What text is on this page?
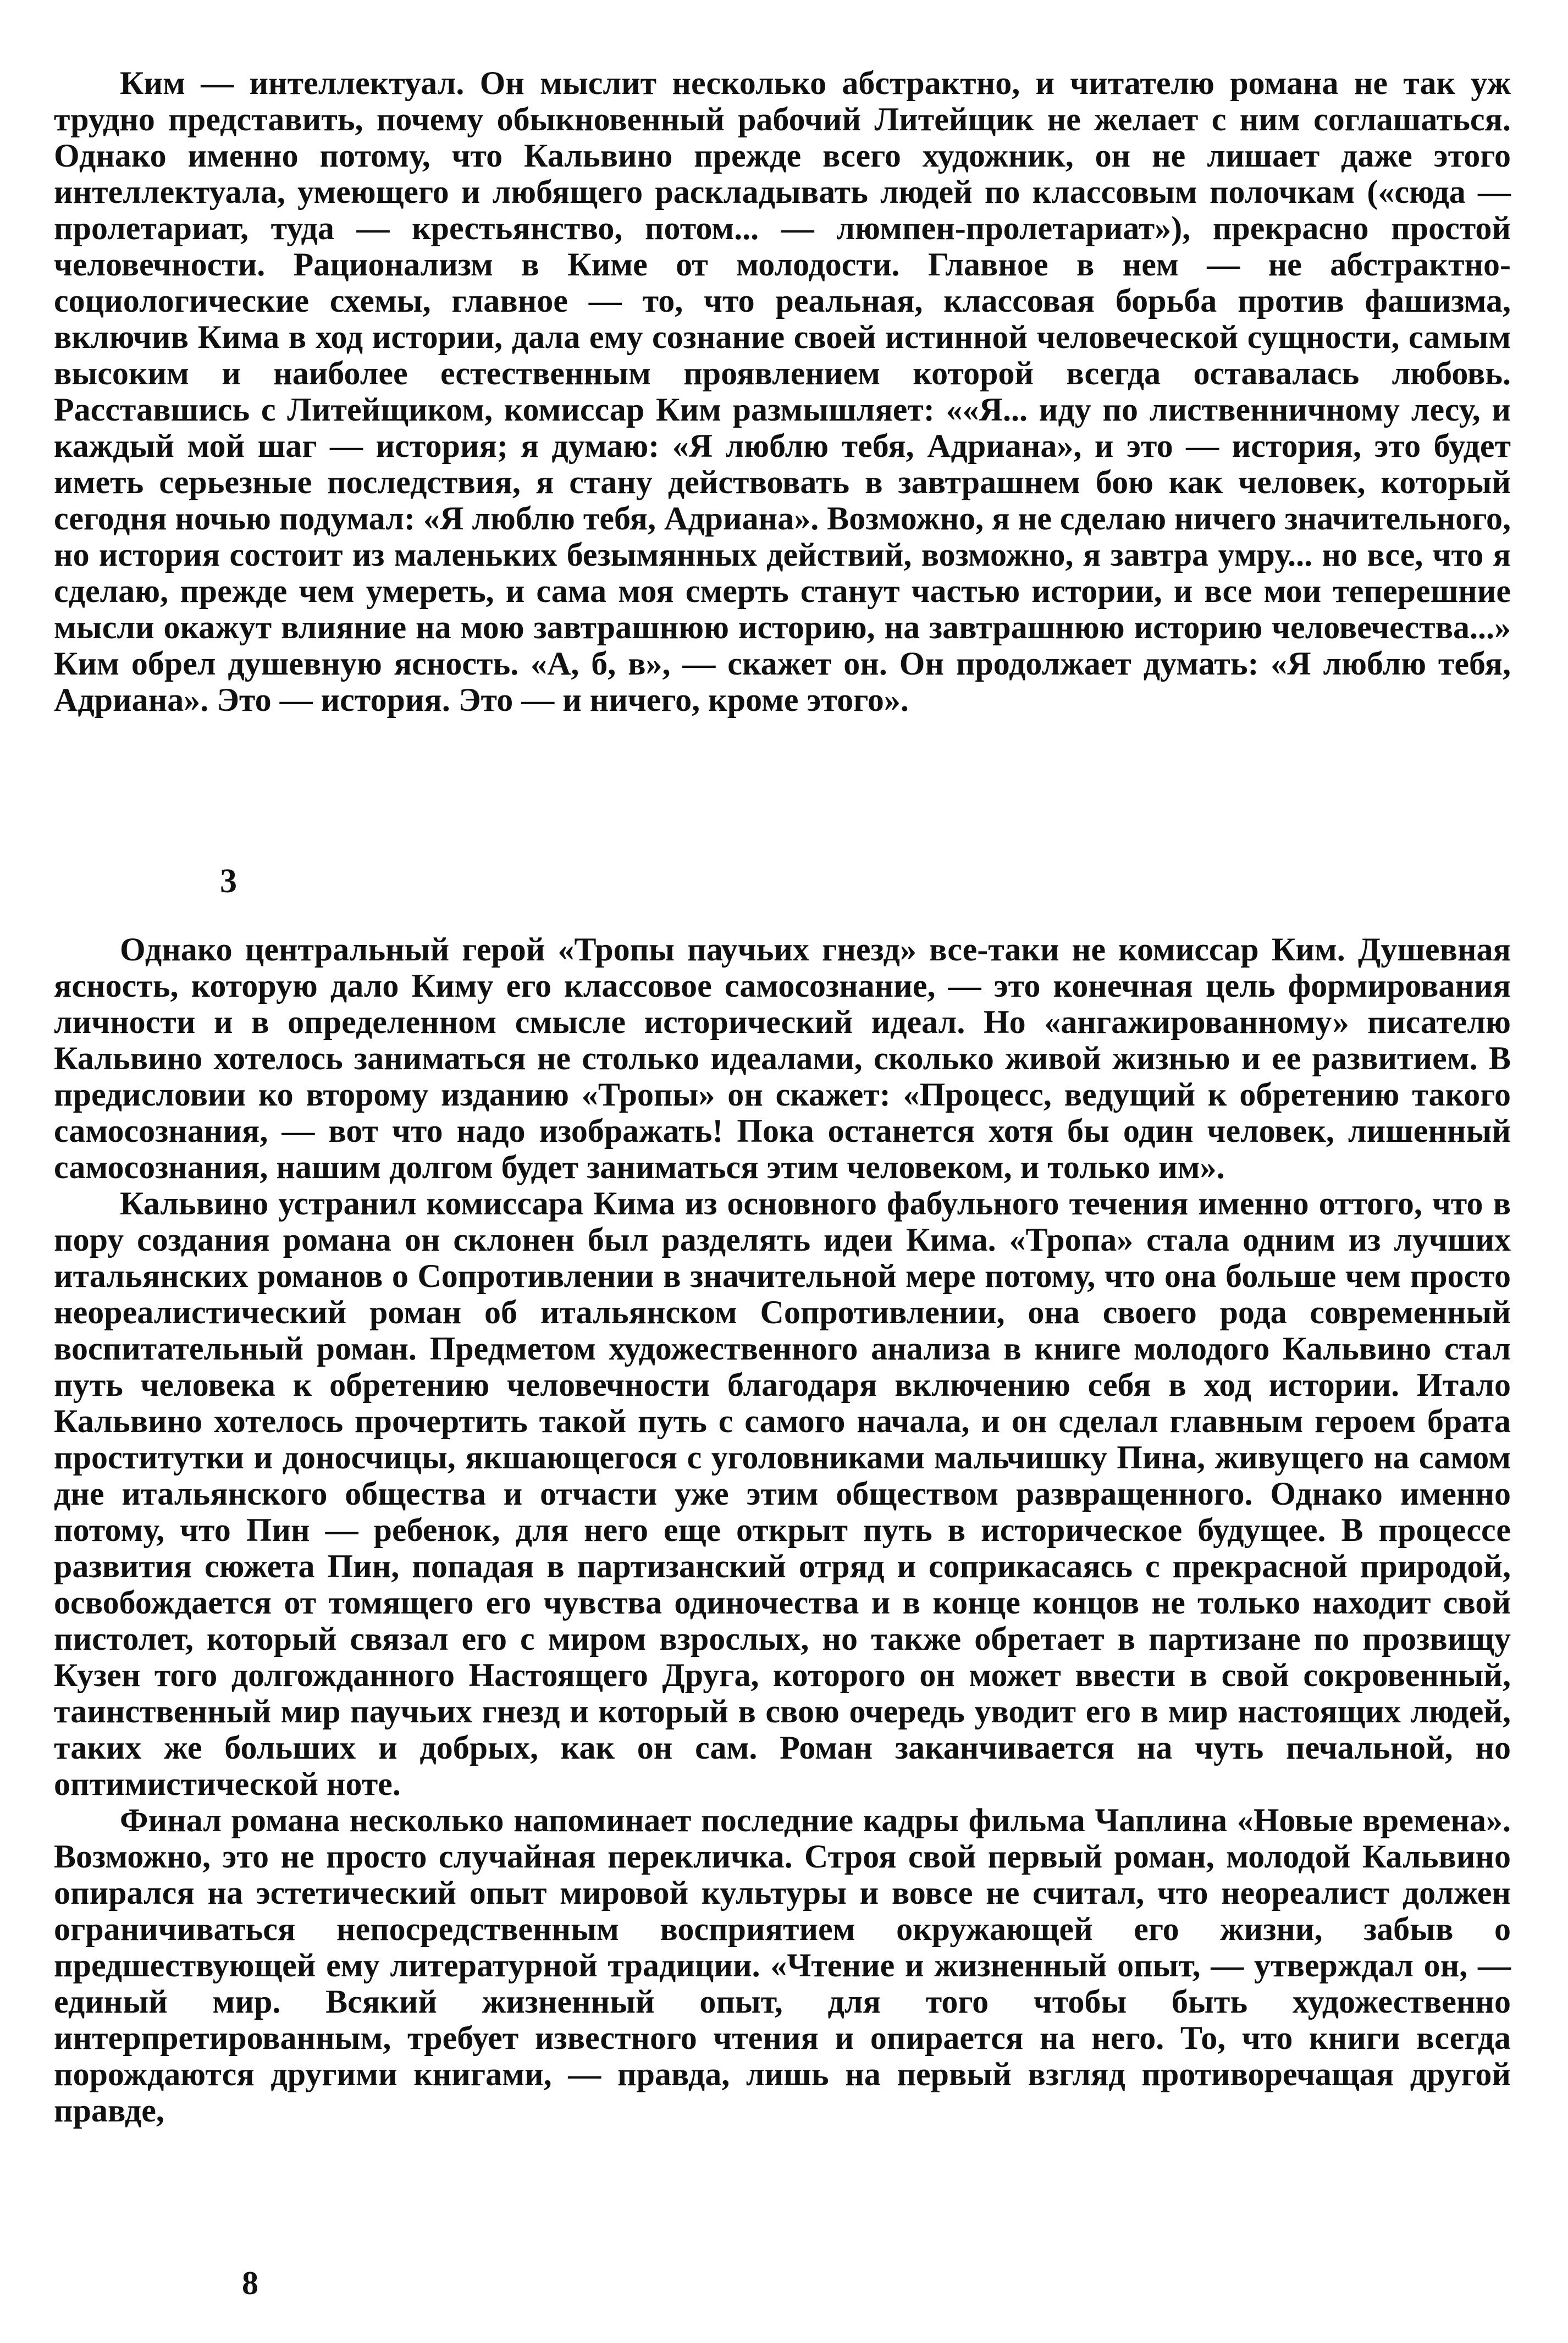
Ким — интеллектуал. Он мыслит несколько абстрактно, и читателю романа не так уж трудно представить, почему обыкновенный рабочий Литейщик не желает с ним соглашаться. Однако именно потому, что Кальвино прежде всего художник, он не лишает даже этого интеллектуала, умеющего и любящего раскладывать людей по классовым полочкам («сюда — пролетариат, туда — крестьянство, потом... — люмпен-пролетариат»), прекрасно простой человечности. Рационализм в Киме от молодости. Главное в нем — не абстрактно-социологические схемы, главное — то, что реальная, классовая борьба против фашизма, включив Кима в ход истории, дала ему сознание своей истинной человеческой сущности, самым высоким и наиболее естественным проявлением которой всегда оставалась любовь. Расставшись с Литейщиком, комиссар Ким размышляет: ««Я... иду по лиственничному лесу, и каждый мой шаг — история; я думаю: «Я люблю тебя, Адриана», и это — история, это будет иметь серьезные последствия, я стану действовать в завтрашнем бою как человек, который сегодня ночью подумал: «Я люблю тебя, Адриана». Возможно, я не сделаю ничего значительного, но история состоит из маленьких безымянных действий, возможно, я завтра умру... но все, что я сделаю, прежде чем умереть, и сама моя смерть станут частью истории, и все мои теперешние мысли окажут влияние на мою завтрашнюю историю, на завтрашнюю историю человечества...» Ким обрел душевную ясность. «А, б, в», — скажет он. Он продолжает думать: «Я люблю тебя, Адриана». Это — история. Это — и ничего, кроме этого».

3

Однако центральный герой «Тропы паучьих гнезд» все-таки не комиссар Ким. Душевная ясность, которую дало Киму его классовое самосознание, — это конечная цель формирования личности и в определенном смысле исторический идеал. Но «ангажированному» писателю Кальвино хотелось заниматься не столько идеалами, сколько живой жизнью и ее развитием. В предисловии ко второму изданию «Тропы» он скажет: «Процесс, ведущий к обретению такого самосознания, — вот что надо изображать! Пока останется хотя бы один человек, лишенный самосознания, нашим долгом будет заниматься этим человеком, и только им».

Кальвино устранил комиссара Кима из основного фабульного течения именно оттого, что в пору создания романа он склонен был разделять идеи Кима. «Тропа» стала одним из лучших итальянских романов о Сопротивлении в значительной мере потому, что она больше чем просто неореалистический роман об итальянском Сопротивлении, она своего рода современный воспитательный роман. Предметом художественного анализа в книге молодого Кальвино стал путь человека к обретению человечности благодаря включению себя в ход истории. Итало Кальвино хотелось прочертить такой путь с самого начала, и он сделал главным героем брата проститутки и доносчицы, якшающегося с уголовниками мальчишку Пина, живущего на самом дне итальянского общества и отчасти уже этим обществом развращенного. Однако именно потому, что Пин — ребенок, для него еще открыт путь в историческое будущее. В процессе развития сюжета Пин, попадая в партизанский отряд и соприкасаясь с прекрасной природой, освобождается от томящего его чувства одиночества и в конце концов не только находит свой пистолет, который связал его с миром взрослых, но также обретает в партизане по прозвищу Кузен того долгожданного Настоящего Друга, которого он может ввести в свой сокровенный, таинственный мир паучьих гнезд и который в свою очередь уводит его в мир настоящих людей, таких же больших и добрых, как он сам. Роман заканчивается на чуть печальной, но оптимистической ноте.

Финал романа несколько напоминает последние кадры фильма Чаплина «Новые времена». Возможно, это не просто случайная перекличка. Строя свой первый роман, молодой Кальвино опирался на эстетический опыт мировой культуры и вовсе не считал, что неореалист должен ограничиваться непосредственным восприятием окружающей его жизни, забыв о предшествующей ему литературной традиции. «Чтение и жизненный опыт, — утверждал он, — единый мир. Всякий жизненный опыт, для того чтобы быть художественно интерпретированным, требует известного чтения и опирается на него. То, что книги всегда порождаются другими книгами, — правда, лишь на первый взгляд противоречащая другой правде,

8
